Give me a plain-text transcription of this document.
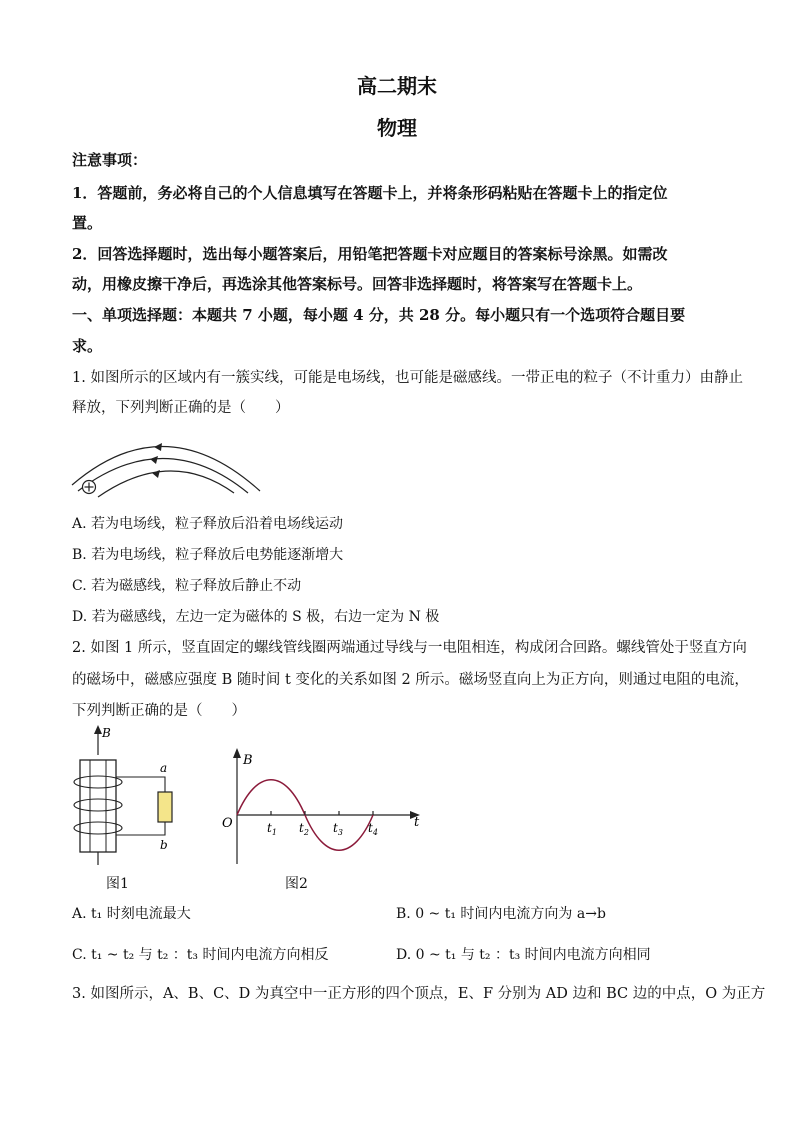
高二期末
物理
注意事项：
1．答题前，务必将自己的个人信息填写在答题卡上，并将条形码粘贴在答题卡上的指定位
置。
2．回答选择题时，选出每小题答案后，用铅笔把答题卡对应题目的答案标号涂黑。如需改
动，用橡皮擦干净后，再选涂其他答案标号。回答非选择题时，将答案写在答题卡上。
一、单项选择题：本题共 7 小题，每小题 4 分，共 28 分。每小题只有一个选项符合题目要
求。
1. 如图所示的区域内有一簇实线，可能是电场线，也可能是磁感线。一带正电的粒子（不计重力）由静止
释放，下列判断正确的是（　　）
A. 若为电场线，粒子释放后沿着电场线运动
B. 若为电场线，粒子释放后电势能逐渐增大
C. 若为磁感线，粒子释放后静止不动
D. 若为磁感线，左边一定为磁体的 S 极，右边一定为 N 极
2. 如图 1 所示，竖直固定的螺线管线圈两端通过导线与一电阻相连，构成闭合回路。螺线管处于竖直方向
的磁场中，磁感应强度 B 随时间 t 变化的关系如图 2 所示。磁场竖直向上为正方向，则通过电阻的电流，
下列判断正确的是（　　）
B
a
b
图1
B
t
O	$t_1$ $t_2$ $t_3$ $t_4$
图2
A. t₁ 时刻电流最大	B. 0 ~ t₁ 时间内电流方向为 a→b
C. t₁ ~ t₂ 与 t₂ ：t₃ 时间内电流方向相反	D. 0 ~ t₁ 与 t₂ ：t₃ 时间内电流方向相同
3. 如图所示，A、B、C、D 为真空中一正方形的四个顶点，E、F 分别为 AD 边和 BC 边的中点，O 为正方
